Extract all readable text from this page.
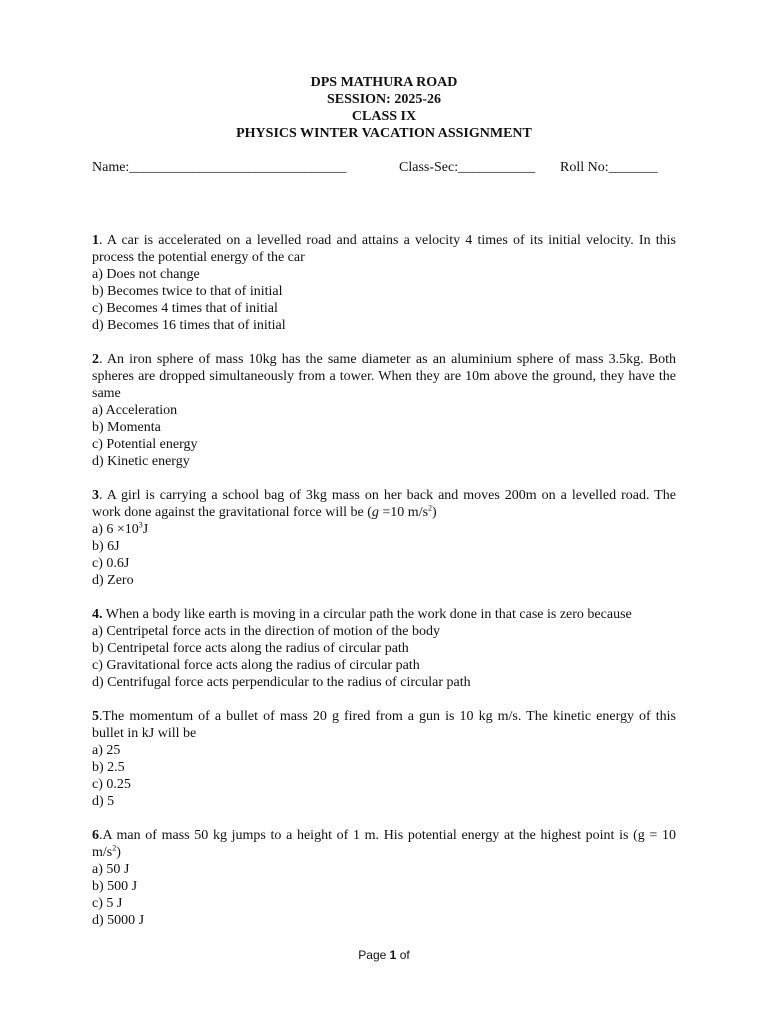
DPS MATHURA ROAD
SESSION: 2025-26
CLASS IX
PHYSICS WINTER VACATION ASSIGNMENT
Name:_______________________________	Class-Sec:___________	Roll No:_______

1. A car is accelerated on a levelled road and attains a velocity 4 times of its initial velocity. In this process the potential energy of the car

a) Does not change
b) Becomes twice to that of initial
c) Becomes 4 times that of initial
d) Becomes 16 times that of initial

2. An iron sphere of mass 10kg has the same diameter as an aluminium sphere of mass 3.5kg. Both spheres are dropped simultaneously from a tower. When they are 10m above the ground, they have the same

a) Acceleration
b) Momenta
c) Potential energy
d) Kinetic energy

3. A girl is carrying a school bag of 3kg mass on her back and moves 200m on a levelled road. The work done against the gravitational force will be (g =10 $m/s^2$)

a) $6 \times 10^3J$
b) 6J
c) 0.6J
d) Zero

4. When a body like earth is moving in a circular path the work done in that case is zero because

a) Centripetal force acts in the direction of motion of the body
b) Centripetal force acts along the radius of circular path
c) Gravitational force acts along the radius of circular path
d) Centrifugal force acts perpendicular to the radius of circular path

5.The momentum of a bullet of mass 20 g fired from a gun is 10 kg m/s. The kinetic energy of this bullet in kJ will be

a) 25
b) 2.5
c) 0.25
d) 5

6.A man of mass 50 kg jumps to a height of 1 m. His potential energy at the highest point is (g = 10 $m/s^2$)

a) 50 J
b) 500 J
c) 5 J
d) 5000 J
Page 1 of
